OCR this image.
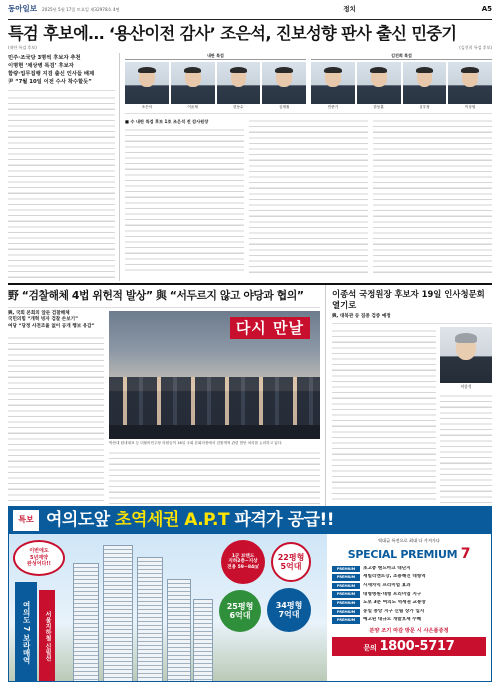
동아일보	2025년 5월 17일 토요일 제32978호 4면	정치	A5
특검 후보에… ‘용산이전 감사’ 조은석, 진보성향 판사 출신 민중기
(내란 특검 후보)	(김건희 특검 후보)
민주·조국당 3명씩 후보자 추천
이명현 ‘채상병 특검’ 후보자
함량·업무집행 지검 출신 인사들 배제
尹 “7월 10일 이전 수사 착수할듯”
내란 특검
조은석	이윤제	한동수	심재철
김건희 특검
민중기	한동훈	심우정	이상엽
■ 수 내란 특검 후보 1호 조은석 전 감사원장
野 “검찰해체 4법 위헌적 발상” 與 “서두르지 않고 야당과 협의”
與, 국회 본회의 앞둔 검찰해체
국민의힘 “개혁 빙자 검찰 손보기”
여당 “당정 사전조율 없이 공개 행보 유감”	다시 만날
박찬대 원내대표 등 더불어민주당 의원들이 16일 국회 본회의장에서 검찰개혁 관련 법안 처리를 논의하고 있다.
이종석 국정원장 후보자 19일 인사청문회 열기로
與, 대북관 등 집중 검증 예정
이종석
특보 여의도앞 초역세권 A.P.T 파격가 공급!!
이번에도
5년계약
완성어다!!
여의도 7 보라매역	서울지하철 신림선
1군 브랜드
지하2층~지상
전용 59~84㎡
22평형
5억대
25평형
6억대
34평형
7억대
역대급 특전으로 최대 다 가져가다
SPECIAL PREMIUM 7
PREMIUM	초고층 랜드마크 대단지
PREMIUM	세빌리엔트강, 조용해진 대형역
PREMIUM	시세차익 프리미엄 효과
PREMIUM	대형병원·대형 프리미엄 지구
PREMIUM	도보 3분 여의도 역세권 교통망
PREMIUM	동일 중앙 지구 신림 상가 입지
PREMIUM	예고된 대규모 개발호재 수혜
분양 조기 마감 방문 시 사은품증정
문의 1800-5717
